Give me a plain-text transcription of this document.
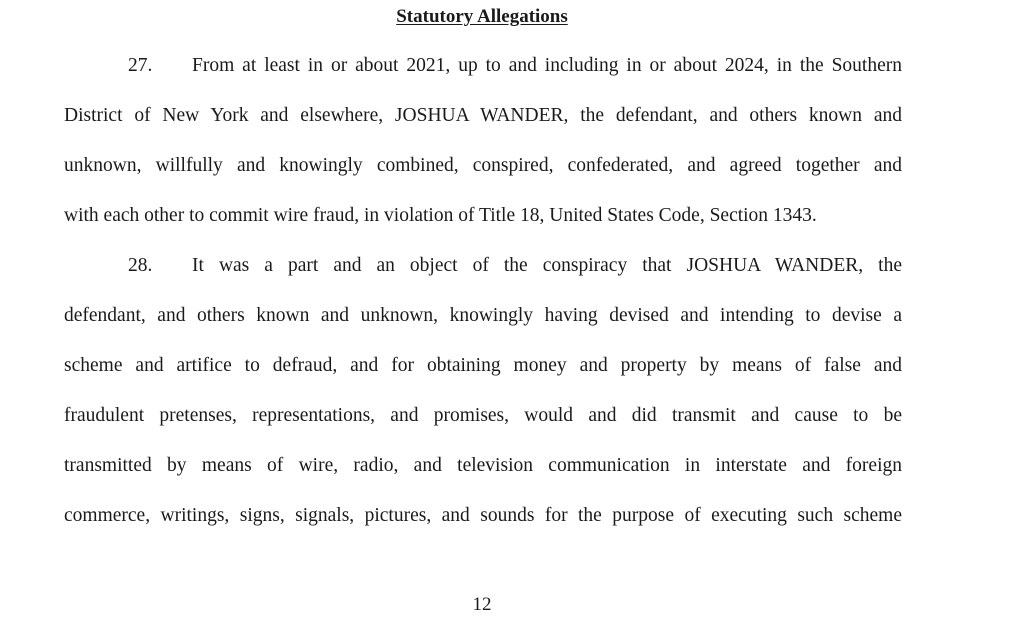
Statutory Allegations
27. From at least in or about 2021, up to and including in or about 2024, in the Southern
District of New York and elsewhere, JOSHUA WANDER, the defendant, and others known and
unknown, willfully and knowingly combined, conspired, confederated, and agreed together and
with each other to commit wire fraud, in violation of Title 18, United States Code, Section 1343.
28. It was a part and an object of the conspiracy that JOSHUA WANDER, the
defendant, and others known and unknown, knowingly having devised and intending to devise a
scheme and artifice to defraud, and for obtaining money and property by means of false and
fraudulent pretenses, representations, and promises, would and did transmit and cause to be
transmitted by means of wire, radio, and television communication in interstate and foreign
commerce, writings, signs, signals, pictures, and sounds for the purpose of executing such scheme
12
